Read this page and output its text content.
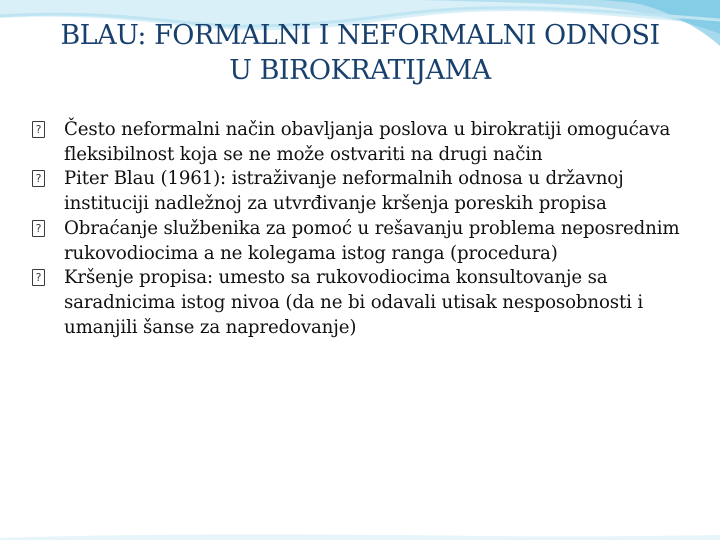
BLAU: FORMALNI I NEFORMALNI ODNOSI
U BIROKRATIJAMA
? Često neformalni način obavljanja poslova u birokratiji omogućava fleksibilnost koja se ne može ostvariti na drugi način
? Piter Blau (1961): istraživanje neformalnih odnosa u državnoj instituciji nadležnoj za utvrđivanje kršenja poreskih propisa
? Obraćanje službenika za pomoć u rešavanju problema neposrednim rukovodiocima a ne kolegama istog ranga (procedura)
? Kršenje propisa: umesto sa rukovodiocima konsultovanje sa saradnicima istog nivoa (da ne bi odavali utisak nesposobnosti i umanjili šanse za napredovanje)
